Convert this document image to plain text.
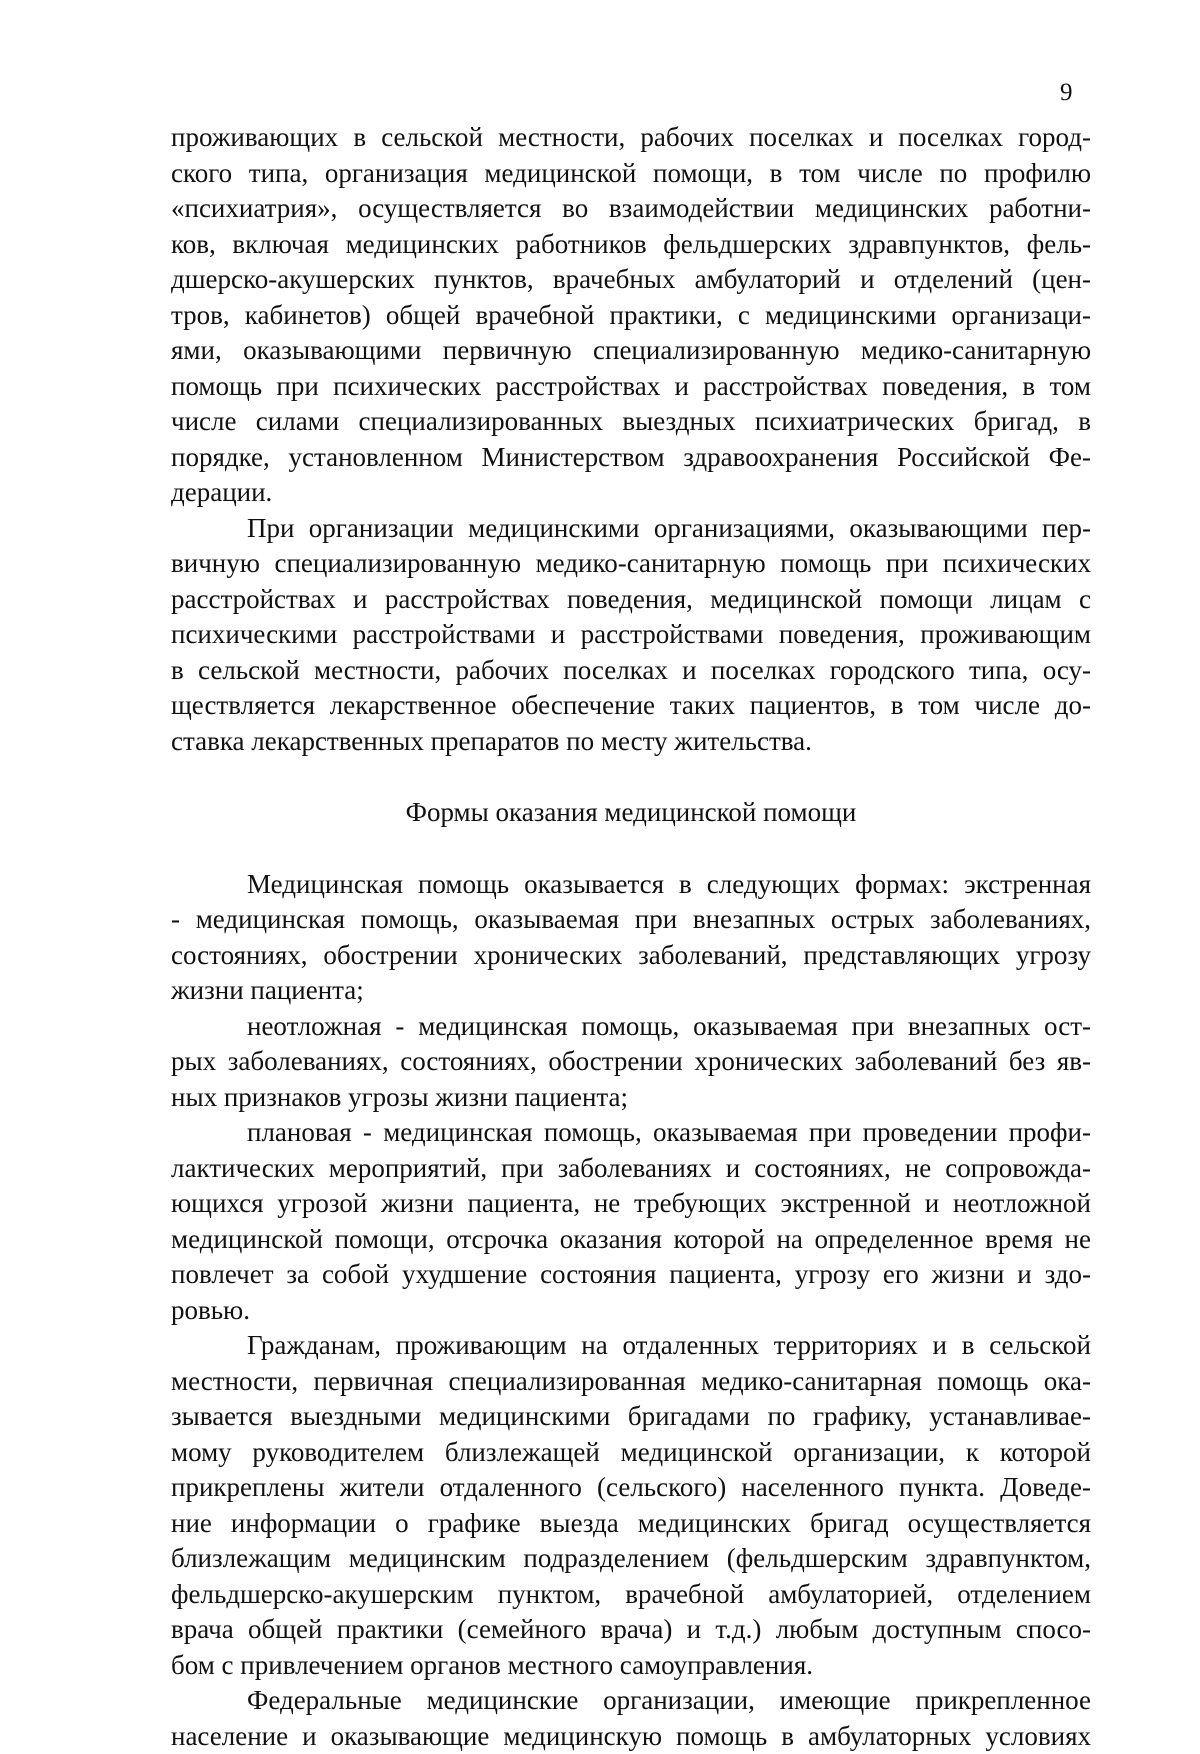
9

проживающих в сельской местности, рабочих поселках и поселках город-
ского типа, организация медицинской помощи, в том числе по профилю
«психиатрия», осуществляется во взаимодействии медицинских работни-
ков, включая медицинских работников фельдшерских здравпунктов, фель-
дшерско-акушерских пунктов, врачебных амбулаторий и отделений (цен-
тров, кабинетов) общей врачебной практики, с медицинскими организаци-
ями, оказывающими первичную специализированную медико-санитарную
помощь при психических расстройствах и расстройствах поведения, в том
числе силами специализированных выездных психиатрических бригад, в
порядке, установленном Министерством здравоохранения Российской Фе-
дерации.

При организации медицинскими организациями, оказывающими пер-
вичную специализированную медико-санитарную помощь при психических
расстройствах и расстройствах поведения, медицинской помощи лицам с
психическими расстройствами и расстройствами поведения, проживающим
в сельской местности, рабочих поселках и поселках городского типа, осу-
ществляется лекарственное обеспечение таких пациентов, в том числе до-
ставка лекарственных препаратов по месту жительства.

Формы оказания медицинской помощи

Медицинская помощь оказывается в следующих формах: экстренная
- медицинская помощь, оказываемая при внезапных острых заболеваниях,
состояниях, обострении хронических заболеваний, представляющих угрозу
жизни пациента;

неотложная - медицинская помощь, оказываемая при внезапных ост-
рых заболеваниях, состояниях, обострении хронических заболеваний без яв-
ных признаков угрозы жизни пациента;

плановая - медицинская помощь, оказываемая при проведении профи-
лактических мероприятий, при заболеваниях и состояниях, не сопровожда-
ющихся угрозой жизни пациента, не требующих экстренной и неотложной
медицинской помощи, отсрочка оказания которой на определенное время не
повлечет за собой ухудшение состояния пациента, угрозу его жизни и здо-
ровью.

Гражданам, проживающим на отдаленных территориях и в сельской
местности, первичная специализированная медико-санитарная помощь ока-
зывается выездными медицинскими бригадами по графику, устанавливае-
мому руководителем близлежащей медицинской организации, к которой
прикреплены жители отдаленного (сельского) населенного пункта. Доведе-
ние информации о графике выезда медицинских бригад осуществляется
близлежащим медицинским подразделением (фельдшерским здравпунктом,
фельдшерско-акушерским пунктом, врачебной амбулаторией, отделением
врача общей практики (семейного врача) и т.д.) любым доступным спосо-
бом с привлечением органов местного самоуправления.

Федеральные медицинские организации, имеющие прикрепленное
население и оказывающие медицинскую помощь в амбулаторных условиях
